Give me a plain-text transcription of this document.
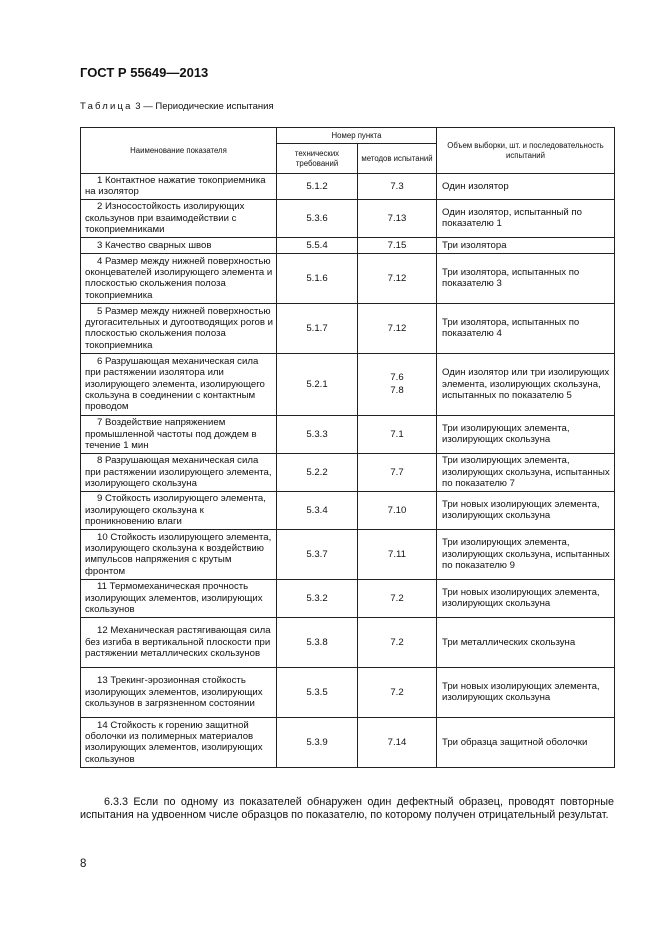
ГОСТ Р 55649—2013
Таблица 3 — Периодические испытания
Наименование показателя	Номер пункта		Объем выборки, шт. и последовательность испытаний
	технических требований	методов испытаний	

1 Контактное нажатие токоприемника на изолятор	5.1.2	7.3	Один изолятор

2 Износостойкость изолирующих скользунов при взаимодействии с токоприемниками	5.3.6	7.13	Один изолятор, испытанный по показателю 1

3 Качество сварных швов	5.5.4	7.15	Три изолятора

4 Размер между нижней поверхностью оконцевателей изолирующего элемента и плоскостью скольжения полоза токоприемника	5.1.6	7.12	Три изолятора, испытанных по показателю 3

5 Размер между нижней поверхностью дугогасительных и дугоотводящих рогов и плоскостью скольжения полоза токоприемника	5.1.7	7.12	Три изолятора, испытанных по показателю 4

6 Разрушающая механическая сила при растяжении изолятора или изолирующего элемента, изолирующего скользуна в соединении с контактным проводом	5.2.1	7.6
7.8	Один изолятор или три изолирующих элемента, изолирующих скользуна, испытанных по показателю 5

7 Воздействие напряжением промышленной частоты под дождем в течение 1 мин	5.3.3	7.1	Три изолирующих элемента, изолирующих скользуна

8 Разрушающая механическая сила при растяжении изолирующего элемента, изолирующего скользуна	5.2.2	7.7	Три изолирующих элемента, изолирующих скользуна, испытанных по показателю 7

9 Стойкость изолирующего элемента, изолирующего скользуна к проникновению влаги	5.3.4	7.10	Три новых изолирующих элемента, изолирующих скользуна

10 Стойкость изолирующего элемента, изолирующего скользуна к воздействию импульсов напряжения с крутым фронтом	5.3.7	7.11	Три изолирующих элемента, изолирующих скользуна, испытанных по показателю 9

11 Термомеханическая прочность изолирующих элементов, изолирующих скользунов	5.3.2	7.2	Три новых изолирующих элемента, изолирующих скользуна

12 Механическая растягивающая сила без изгиба в вертикальной плоскости при растяжении металлических скользунов	5.3.8	7.2	Три металлических скользуна

13 Трекинг-эрозионная стойкость изолирующих элементов, изолирующих скользунов в загрязненном состоянии	5.3.5	7.2	Три новых изолирующих элемента, изолирующих скользуна

14 Стойкость к горению защитной оболочки из полимерных материалов изолирующих элементов, изолирующих скользунов	5.3.9	7.14	Три образца защитной оболочки
6.3.3 Если по одному из показателей обнаружен один дефектный образец, проводят повторные испытания на удвоенном числе образцов по показателю, по которому получен отрицательный результат.
8
